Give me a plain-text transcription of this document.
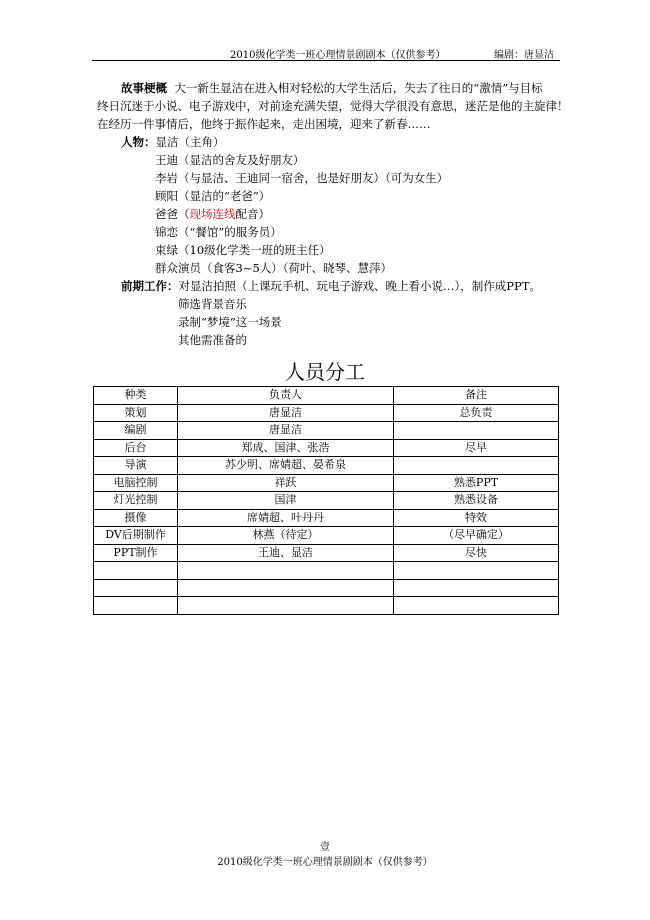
2010级化学类一班心理情景剧剧本（仅供参考）	编剧：唐显洁
故事梗概 大一新生显洁在进入相对轻松的大学生活后，失去了往日的“激情”与目标
终日沉迷于小说、电子游戏中，对前途充满失望，觉得大学很没有意思，迷茫是他的主旋律！
在经历一件事情后，他终于振作起来，走出困境，迎来了新春……
人物：显洁（主角）
王迪（显洁的舍友及好朋友）
李岩（与显洁、王迪同一宿舍，也是好朋友）（可为女生）
顾阳（显洁的“老爸”）
爸爸（现场连线配音）
锦恋（“餐馆”的服务员）
束绿（10级化学类一班的班主任）
群众演员（食客3~5人）（荷叶、晓琴、慧萍）
前期工作：对显洁拍照（上课玩手机、玩电子游戏、晚上看小说…），制作成PPT。
筛选背景音乐
录制“梦境”这一场景
其他需准备的
人员分工
种类	负责人	备注
策划	唐显洁	总负责
编剧	唐显洁	
后台	郑成、国津、张浩	尽早
导演	苏少明、席婧超、晏希泉	
电脑控制	祥跃	熟悉PPT
灯光控制	国津	熟悉设备
摄像	席婧超、叶丹丹	特效
DV后期制作	林燕（待定）	（尽早确定）
PPT制作	王迪、显洁	尽快

壹
2010级化学类一班心理情景剧剧本（仅供参考）
